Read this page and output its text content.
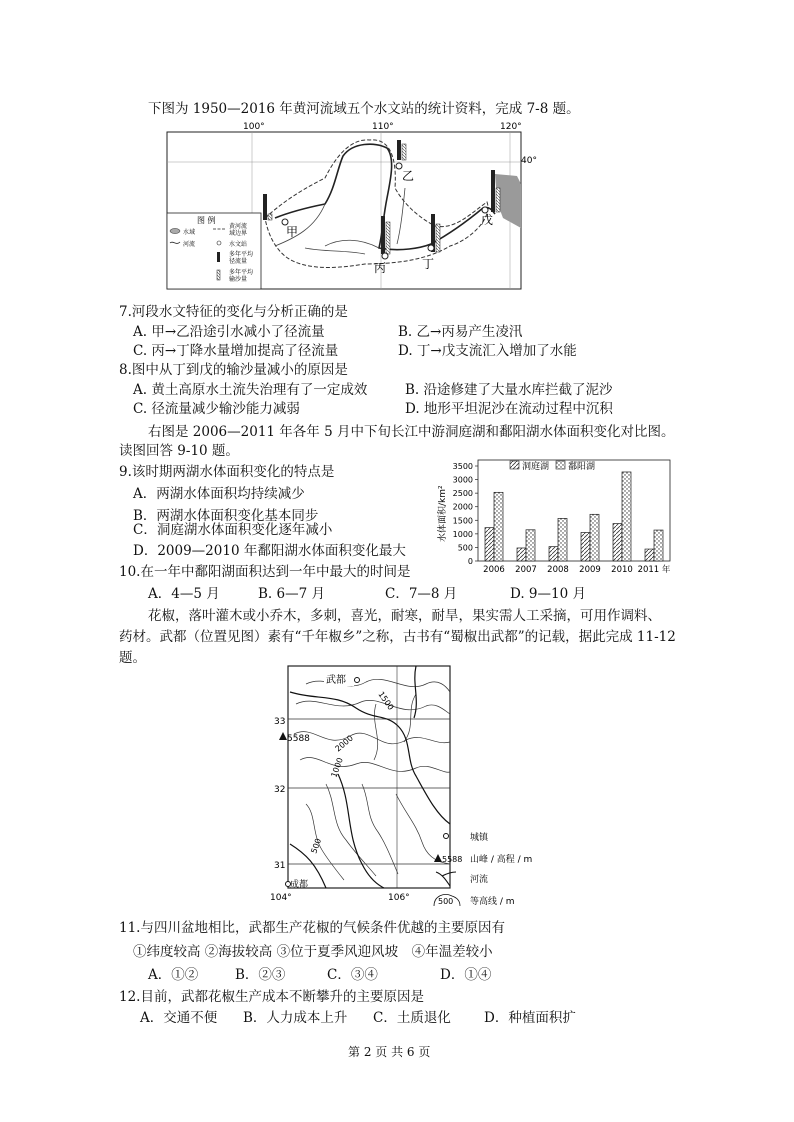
下图为 1950—2016 年黄河流域五个水文站的统计资料，完成 7-8 题。
100°	110°	120°
40°
甲
乙
丙	丁
戊
图 例
水域
河流
黄河流
域边界
水文站
多年平均
径流量
多年平均
输沙量
7.河段水文特征的变化与分析正确的是
A. 甲→乙沿途引水减小了径流量	B. 乙→丙易产生凌汛
C. 丙→丁降水量增加提高了径流量	D. 丁→戊支流汇入增加了水能
8.图中从丁到戊的输沙量减小的原因是
A. 黄土高原水土流失治理有了一定成效	B. 沿途修建了大量水库拦截了泥沙
C. 径流量减少输沙能力减弱	D. 地形平坦泥沙在流动过程中沉积
右图是 2006—2011 年各年 5 月中下旬长江中游洞庭湖和鄱阳湖水体面积变化对比图。
读图回答 9-10 题。
9.该时期两湖水体面积变化的特点是
A．两湖水体面积均持续减少
B．两湖水体面积变化基本同步
C．洞庭湖水体面积变化逐年减小
D．2009—2010 年鄱阳湖水体面积变化最大
水体面积/km²
0
500
1000
1500
2000
2500
3000
3500
2006 2007 2008 2009 2010 2011 年
洞庭湖 鄱阳湖
10.在一年中鄱阳湖面积达到一年中最大的时间是
A．4—5 月	B. 6—7 月	C．7—8 月	D. 9—10 月
花椒，落叶灌木或小乔木，多刺，喜光，耐寒，耐旱，果实需人工采摘，可用作调料、
药材。武都（位置见图）素有“千年椒乡”之称，古书有“蜀椒出武都”的记载，据此完成 11-12
题。
33
32
31
104°	106°
1500
2000
1000
500
武都
5588
成都
城镇
5588 山峰 / 高程 / m
河流
500 等高线 / m
11.与四川盆地相比，武都生产花椒的气候条件优越的主要原因有
①纬度较高 ②海拔较高 ③位于夏季风迎风坡　④年温差较小
A．①②	B．②③	C．③④	D．①④
12.目前，武都花椒生产成本不断攀升的主要原因是
A．交通不便 B．人力成本上升 C．土质退化 D．种植面积扩
第 2 页 共 6 页
